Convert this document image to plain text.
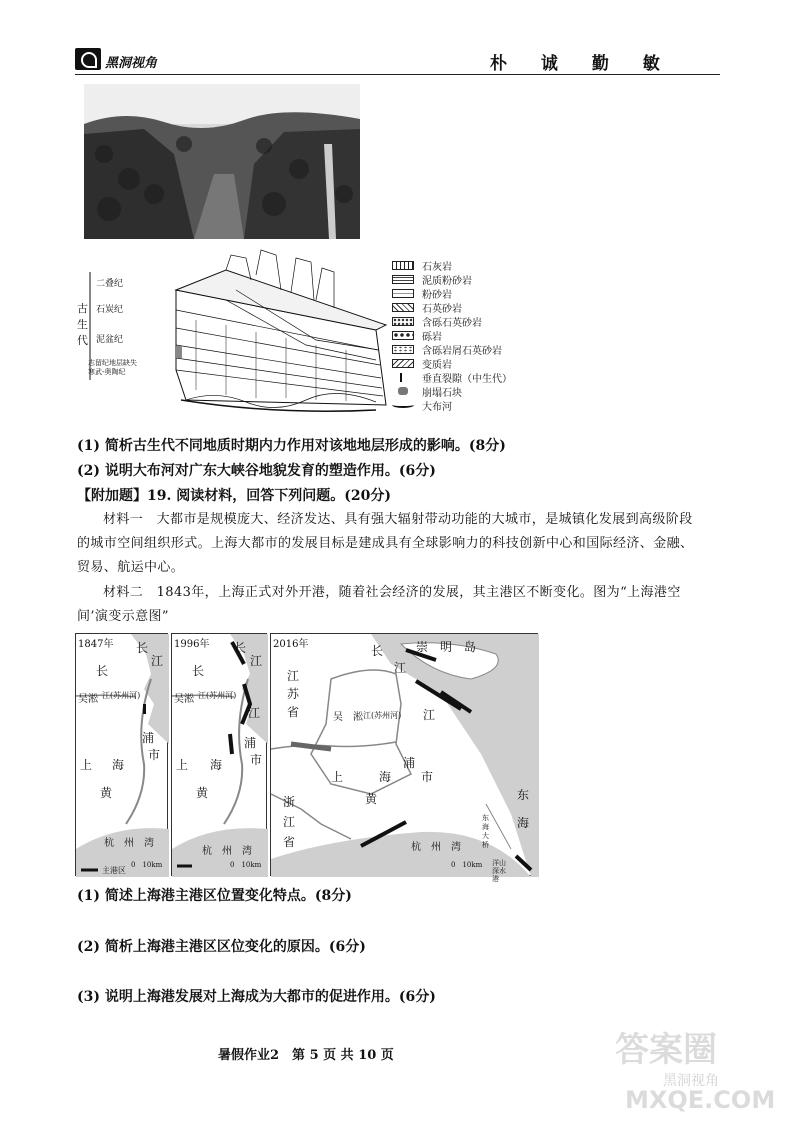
黑洞视角	朴 诚 勤 敏
古
生
代
二叠纪
石炭纪
泥盆纪
志留纪地层缺失
寒武-奥陶纪
石灰岩
泥质粉砂岩
粉砂岩
石英砂岩
含砾石英砂岩
砾岩
含砾岩屑石英砂岩
变质岩
垂直裂隙（中生代）
崩塌石块
大布河
(1) 简析古生代不同地质时期内力作用对该地地层形成的影响。(8分)
(2) 说明大布河对广东大峡谷地貌发育的塑造作用。(6分)
【附加题】19. 阅读材料，回答下列问题。(20分)
材料一　大都市是规模庞大、经济发达、具有强大辐射带动功能的大城市，是城镇化发展到高级阶段的城市空间组织形式。上海大都市的发展目标是建成具有全球影响力的科技创新中心和国际经济、金融、贸易、航运中心。
材料二　1843年，上海正式对外开港，随着社会经济的发展，其主港区不断变化。图为“上海港空间’演变示意图”
1847年 长
江
长
吴淞 江(苏州河)
浦
市
上 海
黄
杭　州　湾
主港区
0　10km
1996年 长
江
长
吴淞 江(苏州河)
江
浦
市
上 海
黄
杭　州　湾
0　10km
2016年	崇　明　岛
长
江
江
苏
省	吴　淞 江(苏州河) 江
浦
市
上	海
黄
浙
江
省	杭　州　湾
东

海
东海大桥
洋山深水港
0　10km
(1) 简述上海港主港区位置变化特点。(8分)
(2) 简析上海港主港区区位变化的原因。(6分)
(3) 说明上海港发展对上海成为大都市的促进作用。(6分)
暑假作业2　第 5 页 共 10 页	答案圈
黑洞视角
MXQE.COM
